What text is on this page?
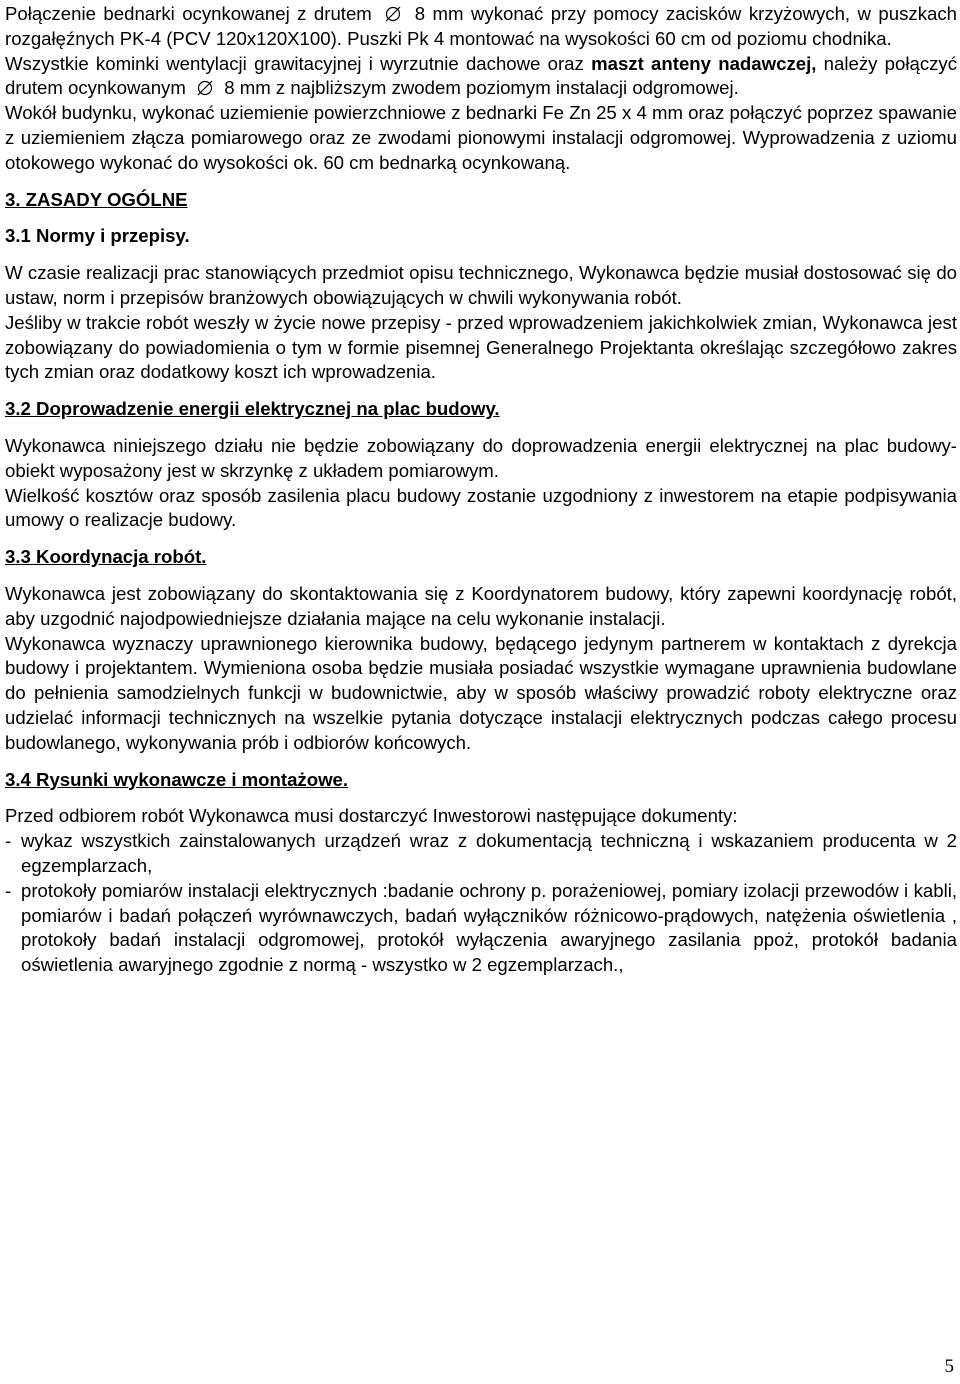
Połączenie bednarki ocynkowanej z drutem 8 mm wykonać przy pomocy zacisków krzyżowych, w puszkach rozgałęźnych PK-4 (PCV 120x120X100). Puszki Pk 4 montować na wysokości 60 cm od poziomu chodnika.

Wszystkie kominki wentylacji grawitacyjnej i wyrzutnie dachowe oraz maszt anteny nadawczej, należy połączyć drutem ocynkowanym 8 mm z najbliższym zwodem poziomym instalacji odgromowej.

Wokół budynku, wykonać uziemienie powierzchniowe z bednarki Fe Zn 25 x 4 mm oraz połączyć poprzez spawanie z uziemieniem złącza pomiarowego oraz ze zwodami pionowymi instalacji odgromowej. Wyprowadzenia z uziomu otokowego wykonać do wysokości ok. 60 cm bednarką ocynkowaną.

3. ZASADY OGÓLNE

3.1 Normy i przepisy.

W czasie realizacji prac stanowiących przedmiot opisu technicznego, Wykonawca będzie musiał dostosować się do ustaw, norm i przepisów branżowych obowiązujących w chwili wykonywania robót.

Jeśliby w trakcie robót weszły w życie nowe przepisy - przed wprowadzeniem jakichkolwiek zmian, Wykonawca jest zobowiązany do powiadomienia o tym w formie pisemnej Generalnego Projektanta określając szczegółowo zakres tych zmian oraz dodatkowy koszt ich wprowadzenia.

3.2 Doprowadzenie energii elektrycznej na plac budowy.

Wykonawca niniejszego działu nie będzie zobowiązany do doprowadzenia energii elektrycznej na plac budowy- obiekt wyposażony jest w skrzynkę z układem pomiarowym.

Wielkość kosztów oraz sposób zasilenia placu budowy zostanie uzgodniony z inwestorem na etapie podpisywania umowy o realizacje budowy.

3.3 Koordynacja robót.

Wykonawca jest zobowiązany do skontaktowania się z Koordynatorem budowy, który zapewni koordynację robót, aby uzgodnić najodpowiedniejsze działania mające na celu wykonanie instalacji.

Wykonawca wyznaczy uprawnionego kierownika budowy, będącego jedynym partnerem w kontaktach z dyrekcja budowy i projektantem. Wymieniona osoba będzie musiała posiadać wszystkie wymagane uprawnienia budowlane do pełnienia samodzielnych funkcji w budownictwie, aby w sposób właściwy prowadzić roboty elektryczne oraz udzielać informacji technicznych na wszelkie pytania dotyczące instalacji elektrycznych podczas całego procesu budowlanego, wykonywania prób i odbiorów końcowych.

3.4 Rysunki wykonawcze i montażowe.

Przed odbiorem robót Wykonawca musi dostarczyć Inwestorowi następujące dokumenty:

- wykaz wszystkich zainstalowanych urządzeń wraz z dokumentacją techniczną i wskazaniem producenta w 2 egzemplarzach,

- protokoły pomiarów instalacji elektrycznych :badanie ochrony p. porażeniowej, pomiary izolacji przewodów i kabli, pomiarów i badań połączeń wyrównawczych, badań wyłączników różnicowo-prądowych, natężenia oświetlenia , protokoły badań instalacji odgromowej, protokół wyłączenia awaryjnego zasilania ppoż, protokół badania oświetlenia awaryjnego zgodnie z normą - wszystko w 2 egzemplarzach.,

5
